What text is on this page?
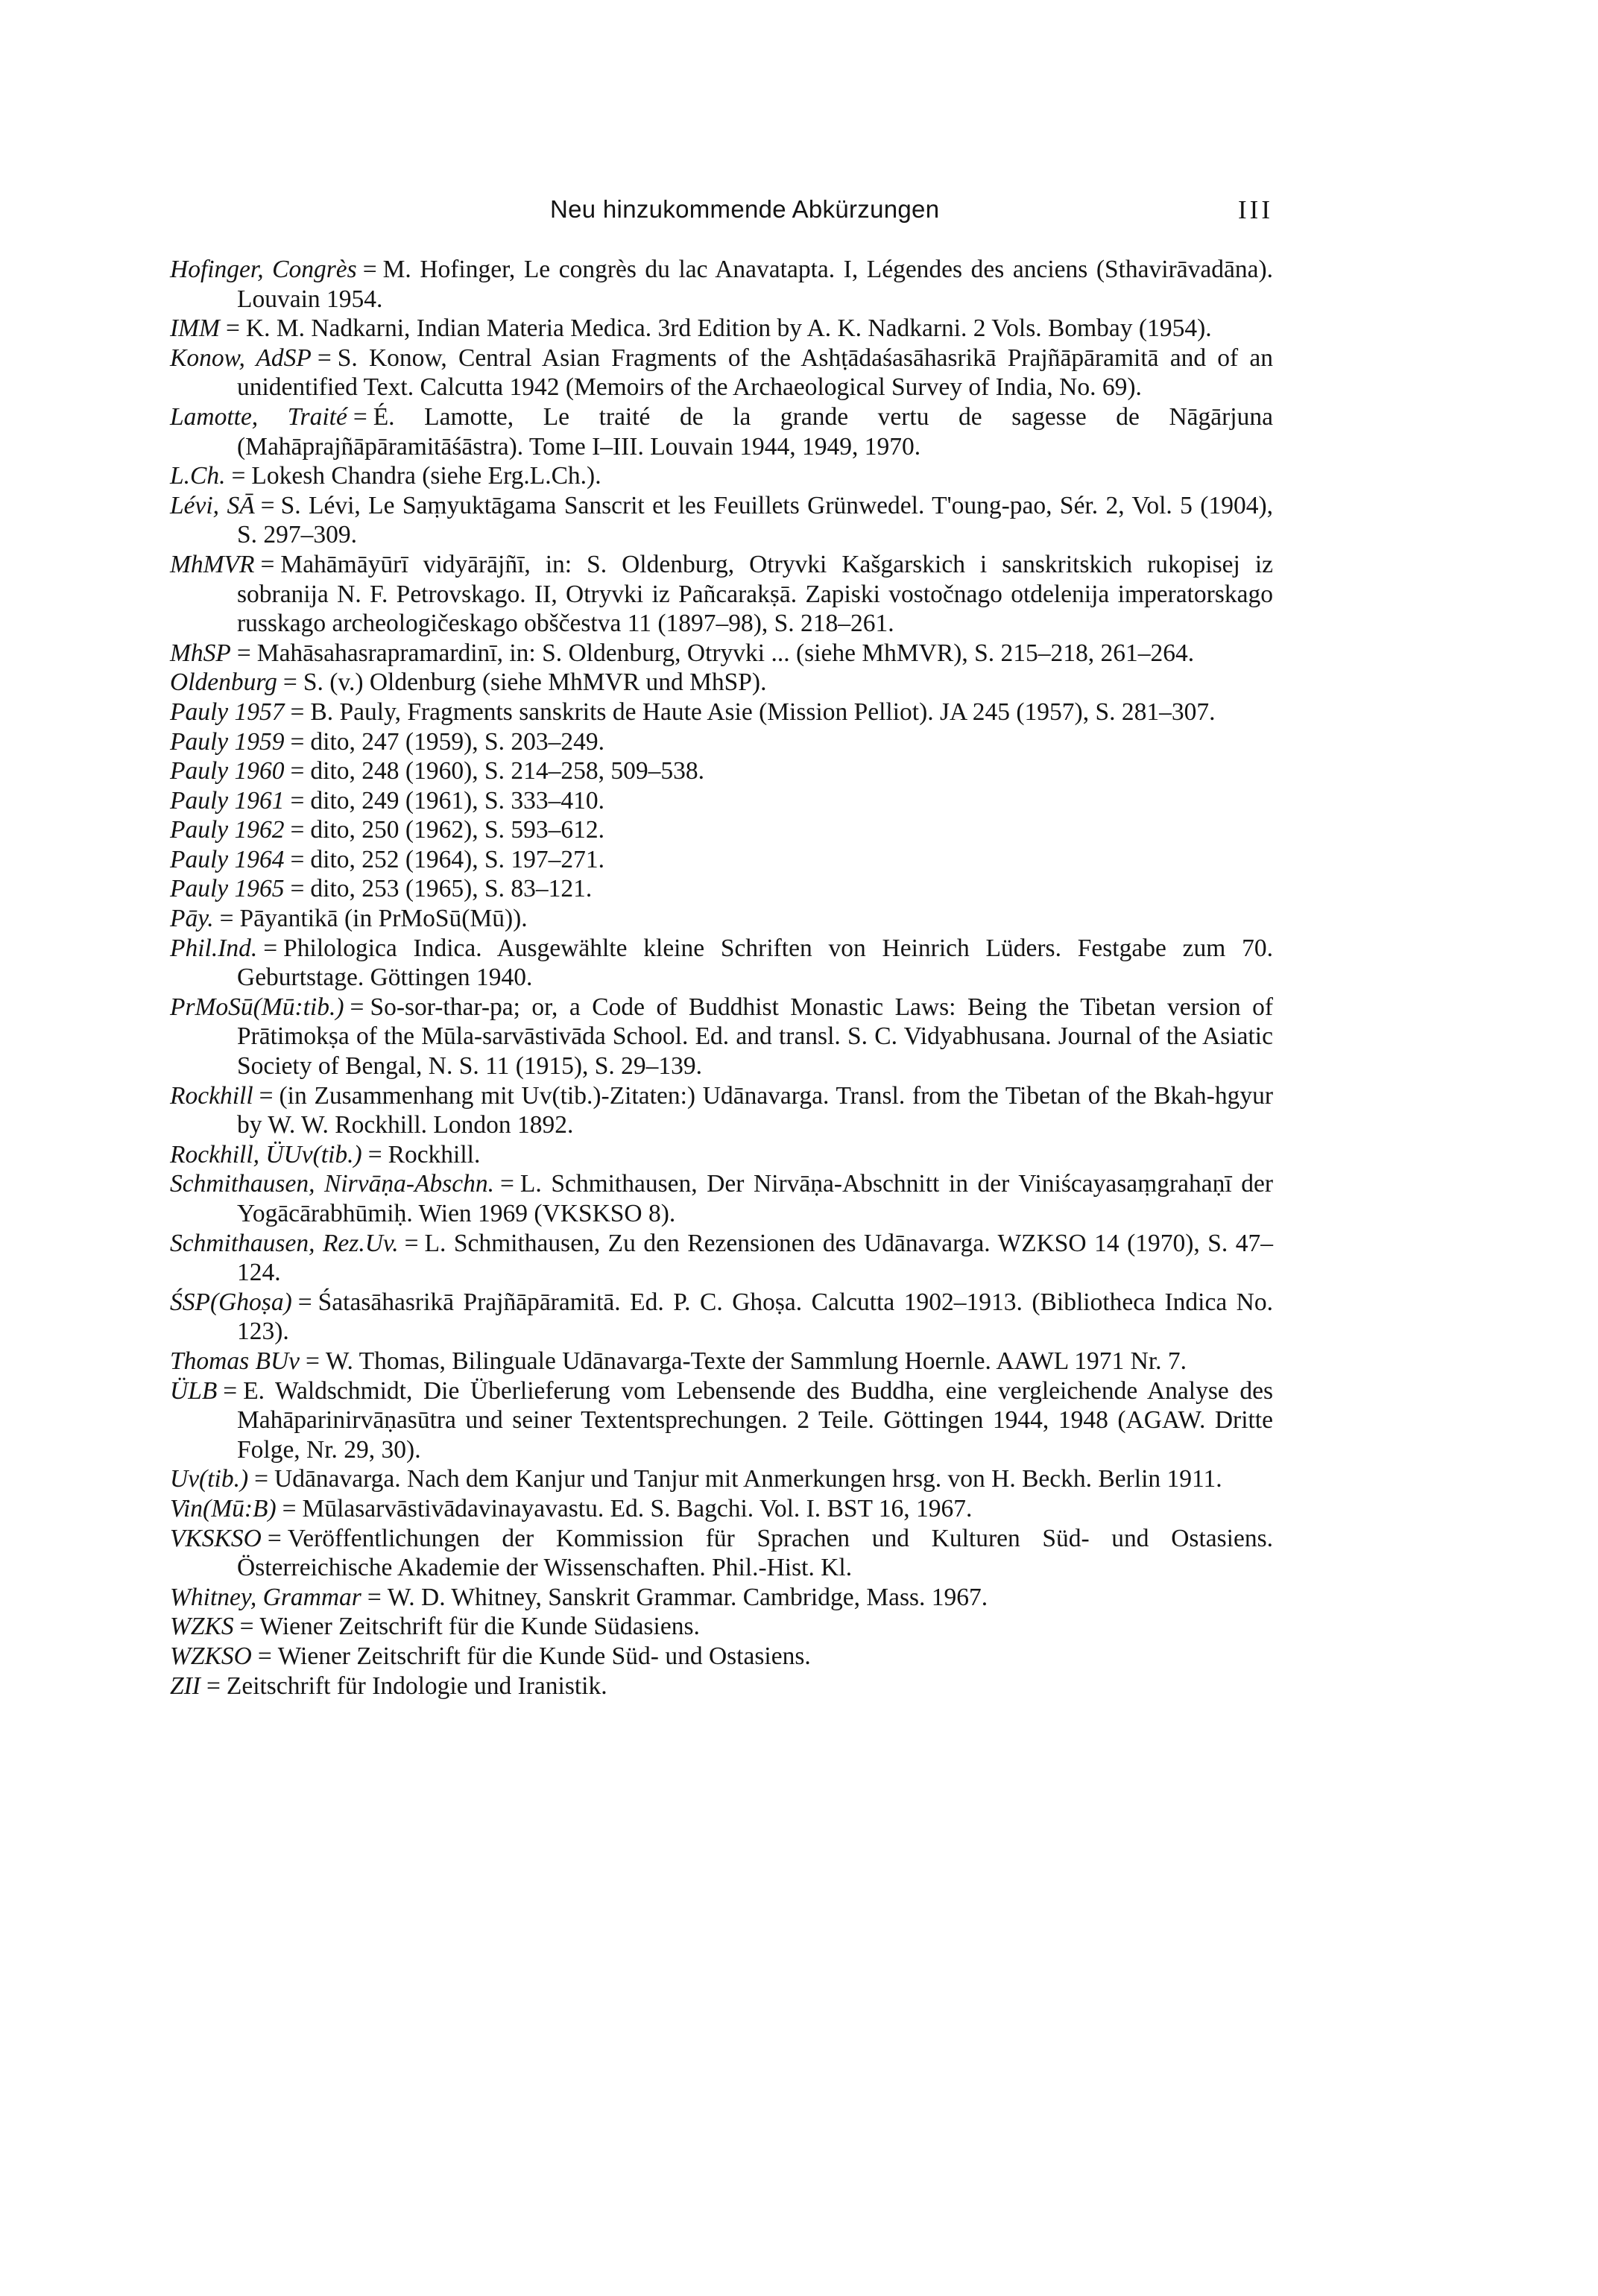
Neu hinzukommende Abkürzungen	III

Hofinger, Congrès = M. Hofinger, Le congrès du lac Anavatapta. I, Légendes des anciens (Sthavirāvadāna). Louvain 1954.

IMM = K. M. Nadkarni, Indian Materia Medica. 3rd Edition by A. K. Nadkarni. 2 Vols. Bombay (1954).

Konow, AdSP = S. Konow, Central Asian Fragments of the Ashṭādaśasāhasrikā Prajñāpāramitā and of an unidentified Text. Calcutta 1942 (Memoirs of the Archaeological Survey of India, No. 69).

Lamotte, Traité = É. Lamotte, Le traité de la grande vertu de sagesse de Nāgārjuna (Mahāprajñāpāramitāśāstra). Tome I–III. Louvain 1944, 1949, 1970.

L.Ch. = Lokesh Chandra (siehe Erg.L.Ch.).

Lévi, SĀ = S. Lévi, Le Saṃyuktāgama Sanscrit et les Feuillets Grünwedel. T'oung-pao, Sér. 2, Vol. 5 (1904), S. 297–309.

MhMVR = Mahāmāyūrī vidyārājñī, in: S. Oldenburg, Otryvki Kašgarskich i sanskritskich rukopisej iz sobranija N. F. Petrovskago. II, Otryvki iz Pañcarakṣā. Zapiski vostočnago otdelenija imperatorskago russkago archeologičeskago obščestva 11 (1897–98), S. 218–261.

MhSP = Mahāsahasrapramardinī, in: S. Oldenburg, Otryvki ... (siehe MhMVR), S. 215–218, 261–264.

Oldenburg = S. (v.) Oldenburg (siehe MhMVR und MhSP).

Pauly 1957 = B. Pauly, Fragments sanskrits de Haute Asie (Mission Pelliot). JA 245 (1957), S. 281–307.

Pauly 1959 = dito, 247 (1959), S. 203–249.

Pauly 1960 = dito, 248 (1960), S. 214–258, 509–538.

Pauly 1961 = dito, 249 (1961), S. 333–410.

Pauly 1962 = dito, 250 (1962), S. 593–612.

Pauly 1964 = dito, 252 (1964), S. 197–271.

Pauly 1965 = dito, 253 (1965), S. 83–121.

Pāy. = Pāyantikā (in PrMoSū(Mū)).

Phil.Ind. = Philologica Indica. Ausgewählte kleine Schriften von Heinrich Lüders. Festgabe zum 70. Geburtstage. Göttingen 1940.

PrMoSū(Mū:tib.) = So-sor-thar-pa; or, a Code of Buddhist Monastic Laws: Being the Tibetan version of Prātimokṣa of the Mūla-sarvāstivāda School. Ed. and transl. S. C. Vidyabhusana. Journal of the Asiatic Society of Bengal, N. S. 11 (1915), S. 29–139.

Rockhill = (in Zusammenhang mit Uv(tib.)-Zitaten:) Udānavarga. Transl. from the Tibetan of the Bkah-hgyur by W. W. Rockhill. London 1892.

Rockhill, ÜUv(tib.) = Rockhill.

Schmithausen, Nirvāṇa-Abschn. = L. Schmithausen, Der Nirvāṇa-Abschnitt in der Viniścayasaṃgrahaṇī der Yogācārabhūmiḥ. Wien 1969 (VKSKSO 8).

Schmithausen, Rez.Uv. = L. Schmithausen, Zu den Rezensionen des Udānavarga. WZKSO 14 (1970), S. 47–124.

ŚSP(Ghoṣa) = Śatasāhasrikā Prajñāpāramitā. Ed. P. C. Ghoṣa. Calcutta 1902–1913. (Bibliotheca Indica No. 123).

Thomas BUv = W. Thomas, Bilinguale Udānavarga-Texte der Sammlung Hoernle. AAWL 1971 Nr. 7.

ÜLB = E. Waldschmidt, Die Überlieferung vom Lebensende des Buddha, eine vergleichende Analyse des Mahāparinirvāṇasūtra und seiner Textentsprechungen. 2 Teile. Göttingen 1944, 1948 (AGAW. Dritte Folge, Nr. 29, 30).

Uv(tib.) = Udānavarga. Nach dem Kanjur und Tanjur mit Anmerkungen hrsg. von H. Beckh. Berlin 1911.

Vin(Mū:B) = Mūlasarvāstivādavinayavastu. Ed. S. Bagchi. Vol. I. BST 16, 1967.

VKSKSO = Veröffentlichungen der Kommission für Sprachen und Kulturen Süd- und Ostasiens. Österreichische Akademie der Wissenschaften. Phil.-Hist. Kl.

Whitney, Grammar = W. D. Whitney, Sanskrit Grammar. Cambridge, Mass. 1967.

WZKS = Wiener Zeitschrift für die Kunde Südasiens.

WZKSO = Wiener Zeitschrift für die Kunde Süd- und Ostasiens.

ZII = Zeitschrift für Indologie und Iranistik.
